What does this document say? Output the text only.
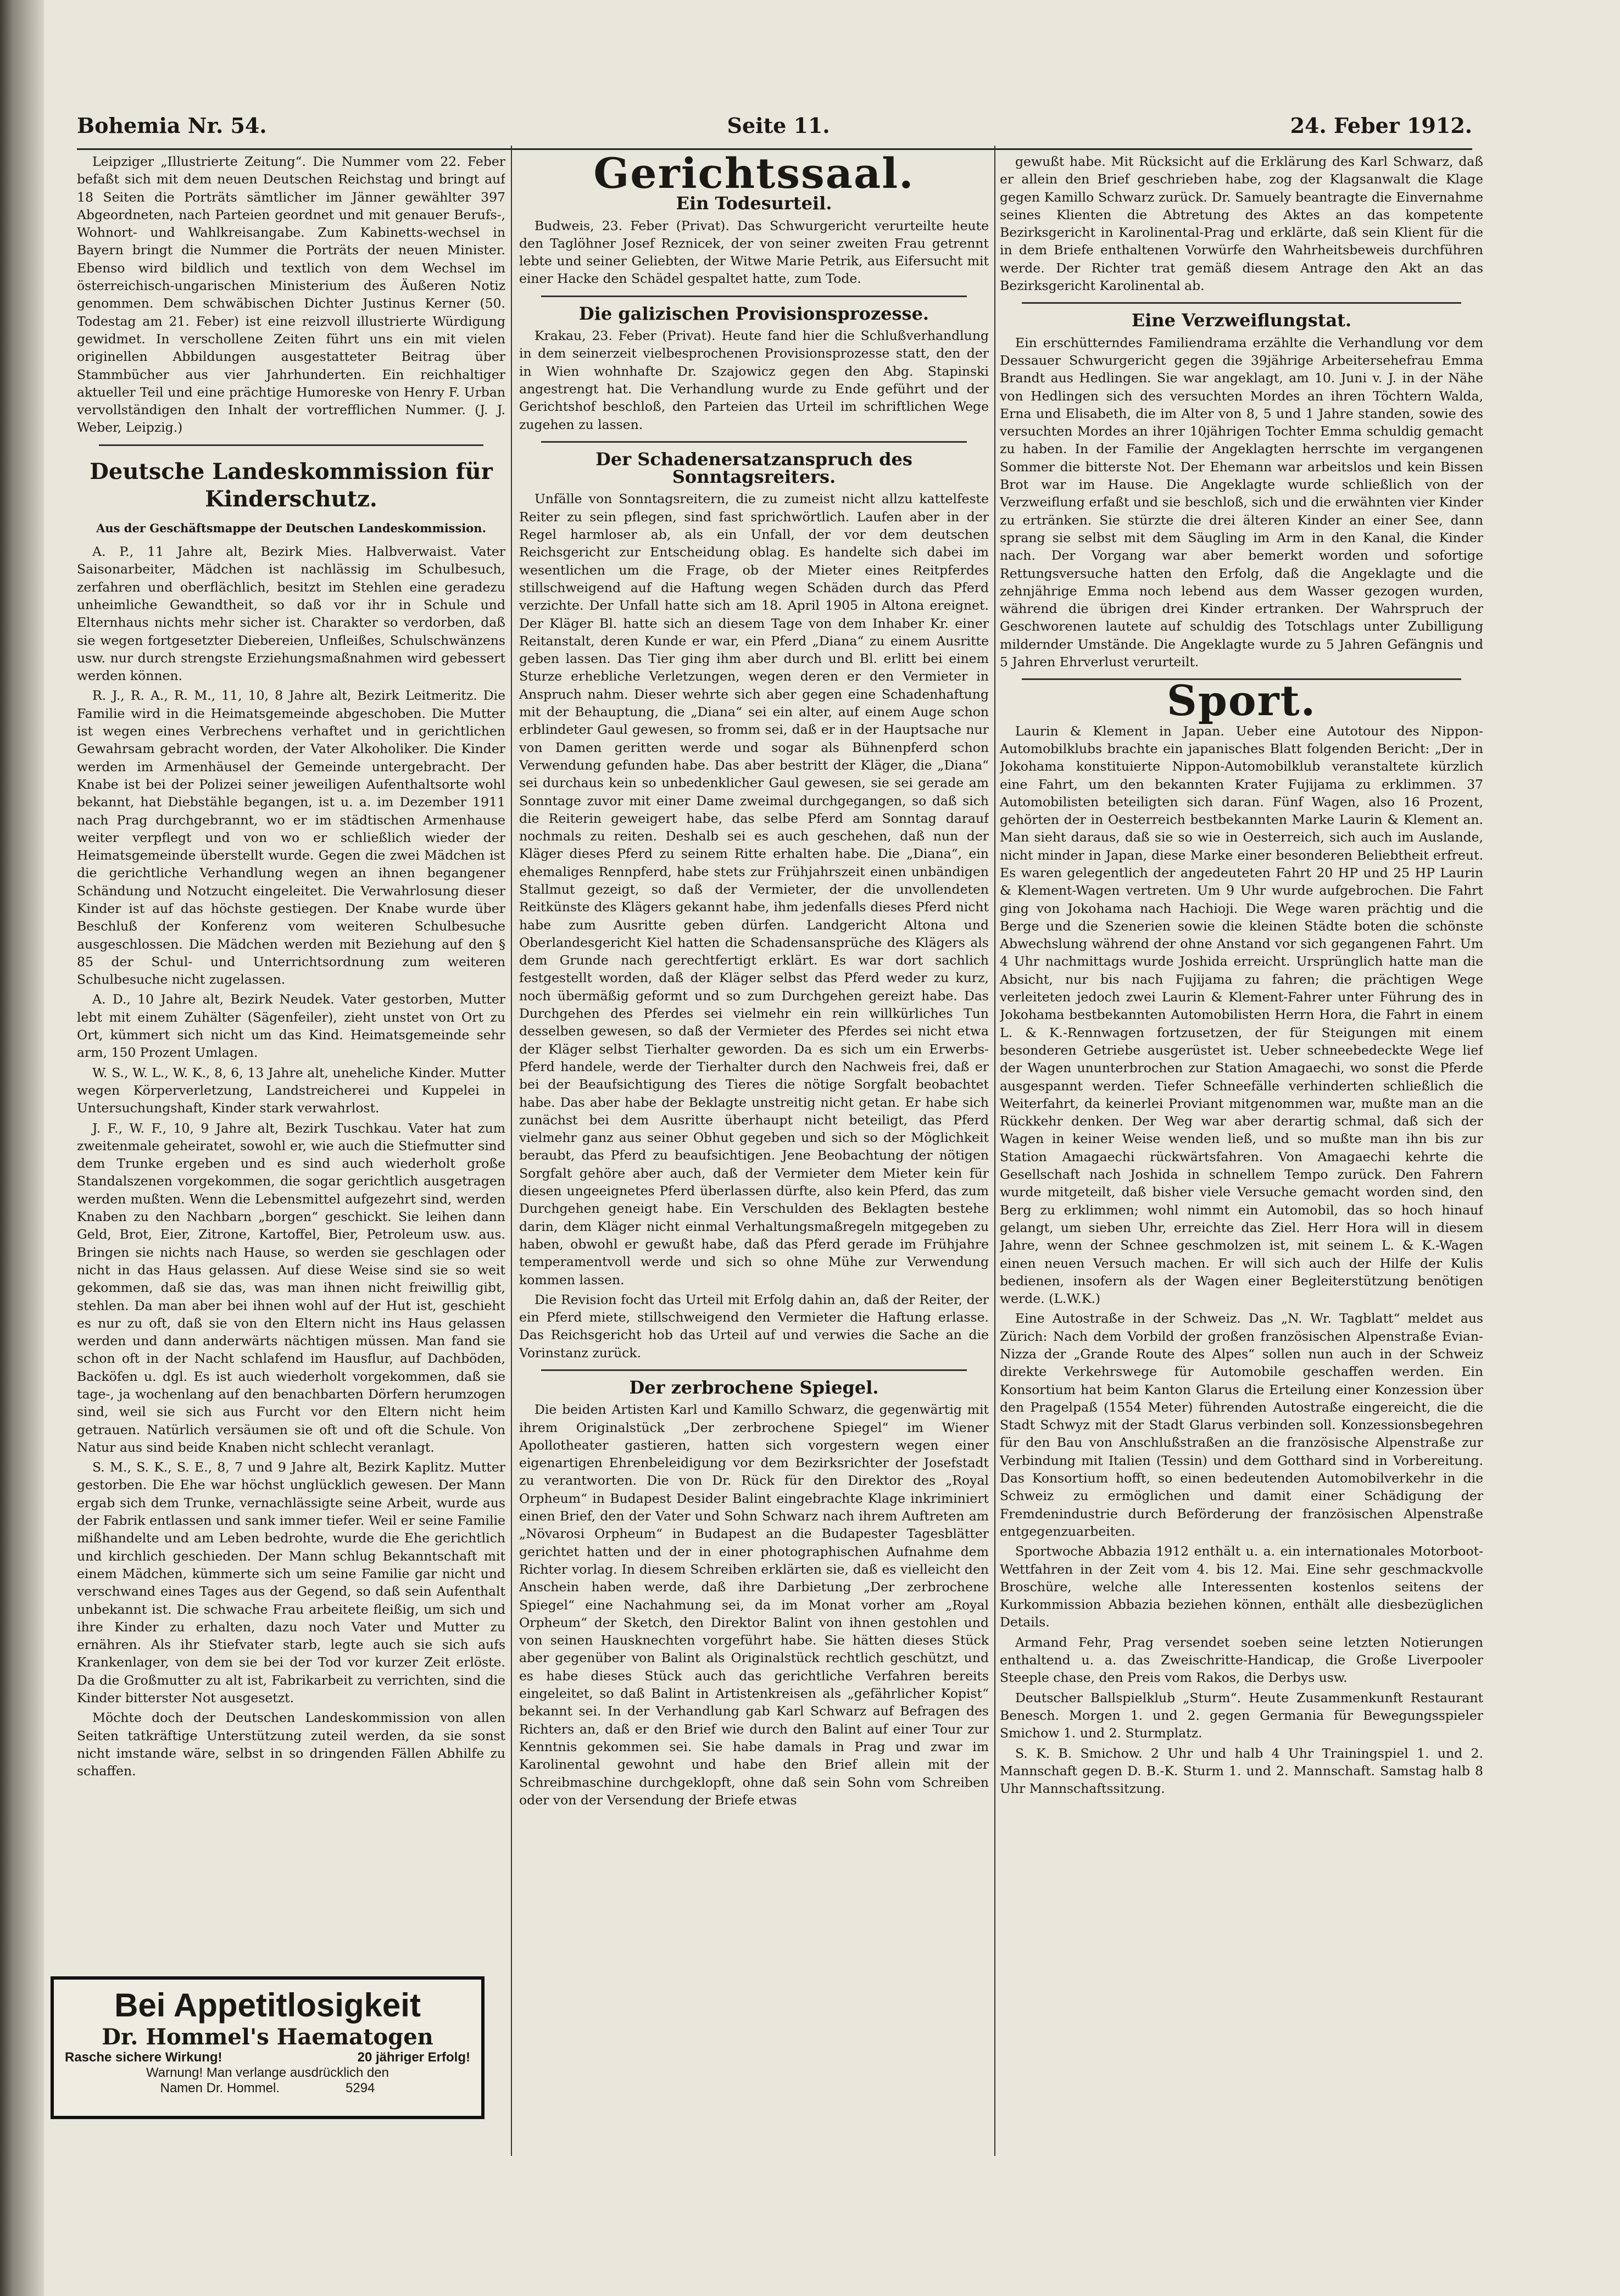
Bohemia Nr. 54.	Seite 11.	24. Feber 1912.

Leipziger „Illustrierte Zeitung“. Die Nummer vom 22. Feber befaßt sich mit dem neuen Deutschen Reichstag und bringt auf 18 Seiten die Porträts sämtlicher im Jänner gewählter 397 Abgeordneten, nach Parteien geordnet und mit genauer Berufs-, Wohnort- und Wahlkreisangabe. Zum Kabinetts-wechsel in Bayern bringt die Nummer die Porträts der neuen Minister. Ebenso wird bildlich und textlich von dem Wechsel im österreichisch-ungarischen Ministerium des Äußeren Notiz genommen. Dem schwäbischen Dichter Justinus Kerner (50. Todestag am 21. Feber) ist eine reizvoll illustrierte Würdigung gewidmet. In verschollene Zeiten führt uns ein mit vielen originellen Abbildungen ausgestatteter Beitrag über Stammbücher aus vier Jahrhunderten. Ein reichhaltiger aktueller Teil und eine prächtige Humoreske von Henry F. Urban vervollständigen den Inhalt der vortrefflichen Nummer. (J. J. Weber, Leipzig.)

Deutsche Landeskommission für Kinderschutz.
Aus der Geschäftsmappe der Deutschen Landeskommission.

A. P., 11 Jahre alt, Bezirk Mies. Halbverwaist. Vater Saisonarbeiter, Mädchen ist nachlässig im Schulbesuch, zerfahren und oberflächlich, besitzt im Stehlen eine geradezu unheimliche Gewandtheit, so daß vor ihr in Schule und Elternhaus nichts mehr sicher ist. Charakter so verdorben, daß sie wegen fortgesetzter Diebereien, Unfleißes, Schulschwänzens usw. nur durch strengste Erziehungsmaßnahmen wird gebessert werden können.

R. J., R. A., R. M., 11, 10, 8 Jahre alt, Bezirk Leitmeritz. Die Familie wird in die Heimatsgemeinde abgeschoben. Die Mutter ist wegen eines Verbrechens verhaftet und in gerichtlichen Gewahrsam gebracht worden, der Vater Alkoholiker. Die Kinder werden im Armenhäusel der Gemeinde untergebracht. Der Knabe ist bei der Polizei seiner jeweiligen Aufenthaltsorte wohl bekannt, hat Diebstähle begangen, ist u. a. im Dezember 1911 nach Prag durchgebrannt, wo er im städtischen Armenhause weiter verpflegt und von wo er schließlich wieder der Heimatsgemeinde überstellt wurde. Gegen die zwei Mädchen ist die gerichtliche Verhandlung wegen an ihnen begangener Schändung und Notzucht eingeleitet. Die Verwahrlosung dieser Kinder ist auf das höchste gestiegen. Der Knabe wurde über Beschluß der Konferenz vom weiteren Schulbesuche ausgeschlossen. Die Mädchen werden mit Beziehung auf den § 85 der Schul- und Unterrichtsordnung zum weiteren Schulbesuche nicht zugelassen.

A. D., 10 Jahre alt, Bezirk Neudek. Vater gestorben, Mutter lebt mit einem Zuhälter (Sägenfeiler), zieht unstet von Ort zu Ort, kümmert sich nicht um das Kind. Heimatsgemeinde sehr arm, 150 Prozent Umlagen.

W. S., W. L., W. K., 8, 6, 13 Jahre alt, uneheliche Kinder. Mutter wegen Körperverletzung, Landstreicherei und Kuppelei in Untersuchungshaft, Kinder stark verwahrlost.

J. F., W. F., 10, 9 Jahre alt, Bezirk Tuschkau. Vater hat zum zweitenmale geheiratet, sowohl er, wie auch die Stiefmutter sind dem Trunke ergeben und es sind auch wiederholt große Standalszenen vorgekommen, die sogar gerichtlich ausgetragen werden mußten. Wenn die Lebensmittel aufgezehrt sind, werden Knaben zu den Nachbarn „borgen“ geschickt. Sie leihen dann Geld, Brot, Eier, Zitrone, Kartoffel, Bier, Petroleum usw. aus. Bringen sie nichts nach Hause, so werden sie geschlagen oder nicht in das Haus gelassen. Auf diese Weise sind sie so weit gekommen, daß sie das, was man ihnen nicht freiwillig gibt, stehlen. Da man aber bei ihnen wohl auf der Hut ist, geschieht es nur zu oft, daß sie von den Eltern nicht ins Haus gelassen werden und dann anderwärts nächtigen müssen. Man fand sie schon oft in der Nacht schlafend im Hausflur, auf Dachböden, Backöfen u. dgl. Es ist auch wiederholt vorgekommen, daß sie tage-, ja wochenlang auf den benachbarten Dörfern herumzogen sind, weil sie sich aus Furcht vor den Eltern nicht heim getrauen. Natürlich versäumen sie oft und oft die Schule. Von Natur aus sind beide Knaben nicht schlecht veranlagt.

S. M., S. K., S. E., 8, 7 und 9 Jahre alt, Bezirk Kaplitz. Mutter gestorben. Die Ehe war höchst unglücklich gewesen. Der Mann ergab sich dem Trunke, vernachlässigte seine Arbeit, wurde aus der Fabrik entlassen und sank immer tiefer. Weil er seine Familie mißhandelte und am Leben bedrohte, wurde die Ehe gerichtlich und kirchlich geschieden. Der Mann schlug Bekanntschaft mit einem Mädchen, kümmerte sich um seine Familie gar nicht und verschwand eines Tages aus der Gegend, so daß sein Aufenthalt unbekannt ist. Die schwache Frau arbeitete fleißig, um sich und ihre Kinder zu erhalten, dazu noch Vater und Mutter zu ernähren. Als ihr Stiefvater starb, legte auch sie sich aufs Krankenlager, von dem sie bei der Tod vor kurzer Zeit erlöste. Da die Großmutter zu alt ist, Fabrikarbeit zu verrichten, sind die Kinder bitterster Not ausgesetzt.

Möchte doch der Deutschen Landeskommission von allen Seiten tatkräftige Unterstützung zuteil werden, da sie sonst nicht imstande wäre, selbst in so dringenden Fällen Abhilfe zu schaffen.

Bei Appetitlosigkeit
Dr. Hommel's Haematogen
Rasche sichere Wirkung!	20 jähriger Erfolg!
Warnung! Man verlange ausdrücklich den
Namen Dr. Hommel.	5294
Gerichtssaal.
Ein Todesurteil.

Budweis, 23. Feber (Privat). Das Schwurgericht verurteilte heute den Taglöhner Josef Reznicek, der von seiner zweiten Frau getrennt lebte und seiner Geliebten, der Witwe Marie Petrik, aus Eifersucht mit einer Hacke den Schädel gespaltet hatte, zum Tode.

Die galizischen Provisionsprozesse.

Krakau, 23. Feber (Privat). Heute fand hier die Schlußverhandlung in dem seinerzeit vielbesprochenen Provisionsprozesse statt, den der in Wien wohnhafte Dr. Szajowicz gegen den Abg. Stapinski angestrengt hat. Die Verhandlung wurde zu Ende geführt und der Gerichtshof beschloß, den Parteien das Urteil im schriftlichen Wege zugehen zu lassen.

Der Schadenersatzanspruch des Sonntagsreiters.

Unfälle von Sonntagsreitern, die zu zumeist nicht allzu kattelfeste Reiter zu sein pflegen, sind fast sprichwörtlich. Laufen aber in der Regel harmloser ab, als ein Unfall, der vor dem deutschen Reichsgericht zur Entscheidung oblag. Es handelte sich dabei im wesentlichen um die Frage, ob der Mieter eines Reitpferdes stillschweigend auf die Haftung wegen Schäden durch das Pferd verzichte. Der Unfall hatte sich am 18. April 1905 in Altona ereignet. Der Kläger Bl. hatte sich an diesem Tage von dem Inhaber Kr. einer Reitanstalt, deren Kunde er war, ein Pferd „Diana“ zu einem Ausritte geben lassen. Das Tier ging ihm aber durch und Bl. erlitt bei einem Sturze erhebliche Verletzungen, wegen deren er den Vermieter in Anspruch nahm. Dieser wehrte sich aber gegen eine Schadenhaftung mit der Behauptung, die „Diana“ sei ein alter, auf einem Auge schon erblindeter Gaul gewesen, so fromm sei, daß er in der Hauptsache nur von Damen geritten werde und sogar als Bühnenpferd schon Verwendung gefunden habe. Das aber bestritt der Kläger, die „Diana“ sei durchaus kein so unbedenklicher Gaul gewesen, sie sei gerade am Sonntage zuvor mit einer Dame zweimal durchgegangen, so daß sich die Reiterin geweigert habe, das selbe Pferd am Sonntag darauf nochmals zu reiten. Deshalb sei es auch geschehen, daß nun der Kläger dieses Pferd zu seinem Ritte erhalten habe. Die „Diana“, ein ehemaliges Rennpferd, habe stets zur Frühjahrszeit einen unbändigen Stallmut gezeigt, so daß der Vermieter, der die unvollendeten Reitkünste des Klägers gekannt habe, ihm jedenfalls dieses Pferd nicht habe zum Ausritte geben dürfen. Landgericht Altona und Oberlandesgericht Kiel hatten die Schadensansprüche des Klägers als dem Grunde nach gerechtfertigt erklärt. Es war dort sachlich festgestellt worden, daß der Kläger selbst das Pferd weder zu kurz, noch übermäßig geformt und so zum Durchgehen gereizt habe. Das Durchgehen des Pferdes sei vielmehr ein rein willkürliches Tun desselben gewesen, so daß der Vermieter des Pferdes sei nicht etwa der Kläger selbst Tierhalter geworden. Da es sich um ein Erwerbs-Pferd handele, werde der Tierhalter durch den Nachweis frei, daß er bei der Beaufsichtigung des Tieres die nötige Sorgfalt beobachtet habe. Das aber habe der Beklagte unstreitig nicht getan. Er habe sich zunächst bei dem Ausritte überhaupt nicht beteiligt, das Pferd vielmehr ganz aus seiner Obhut gegeben und sich so der Möglichkeit beraubt, das Pferd zu beaufsichtigen. Jene Beobachtung der nötigen Sorgfalt gehöre aber auch, daß der Vermieter dem Mieter kein für diesen ungeeignetes Pferd überlassen dürfte, also kein Pferd, das zum Durchgehen geneigt habe. Ein Verschulden des Beklagten bestehe darin, dem Kläger nicht einmal Verhaltungsmaßregeln mitgegeben zu haben, obwohl er gewußt habe, daß das Pferd gerade im Frühjahre temperamentvoll werde und sich so ohne Mühe zur Verwendung kommen lassen.

Die Revision focht das Urteil mit Erfolg dahin an, daß der Reiter, der ein Pferd miete, stillschweigend den Vermieter die Haftung erlasse. Das Reichsgericht hob das Urteil auf und verwies die Sache an die Vorinstanz zurück.

Der zerbrochene Spiegel.

Die beiden Artisten Karl und Kamillo Schwarz, die gegenwärtig mit ihrem Originalstück „Der zerbrochene Spiegel“ im Wiener Apollotheater gastieren, hatten sich vorgestern wegen einer eigenartigen Ehrenbeleidigung vor dem Bezirksrichter der Josefstadt zu verantworten. Die von Dr. Rück für den Direktor des „Royal Orpheum“ in Budapest Desider Balint eingebrachte Klage inkriminiert einen Brief, den der Vater und Sohn Schwarz nach ihrem Auftreten am „Növarosi Orpheum“ in Budapest an die Budapester Tagesblätter gerichtet hatten und der in einer photographischen Aufnahme dem Richter vorlag. In diesem Schreiben erklärten sie, daß es vielleicht den Anschein haben werde, daß ihre Darbietung „Der zerbrochene Spiegel“ eine Nachahmung sei, da im Monat vorher am „Royal Orpheum“ der Sketch, den Direktor Balint von ihnen gestohlen und von seinen Hausknechten vorgeführt habe. Sie hätten dieses Stück aber gegenüber von Balint als Originalstück rechtlich geschützt, und es habe dieses Stück auch das gerichtliche Verfahren bereits eingeleitet, so daß Balint in Artistenkreisen als „gefährlicher Kopist“ bekannt sei. In der Verhandlung gab Karl Schwarz auf Befragen des Richters an, daß er den Brief wie durch den Balint auf einer Tour zur Kenntnis gekommen sei. Sie habe damals in Prag und zwar im Karolinental gewohnt und habe den Brief allein mit der Schreibmaschine durchgeklopft, ohne daß sein Sohn vom Schreiben oder von der Versendung der Briefe etwas

gewußt habe. Mit Rücksicht auf die Erklärung des Karl Schwarz, daß er allein den Brief geschrieben habe, zog der Klagsanwalt die Klage gegen Kamillo Schwarz zurück. Dr. Samuely beantragte die Einvernahme seines Klienten die Abtretung des Aktes an das kompetente Bezirksgericht in Karolinental-Prag und erklärte, daß sein Klient für die in dem Briefe enthaltenen Vorwürfe den Wahrheitsbeweis durchführen werde. Der Richter trat gemäß diesem Antrage den Akt an das Bezirksgericht Karolinental ab.

Eine Verzweiflungstat.

Ein erschütterndes Familiendrama erzählte die Verhandlung vor dem Dessauer Schwurgericht gegen die 39jährige Arbeitersehefrau Emma Brandt aus Hedlingen. Sie war angeklagt, am 10. Juni v. J. in der Nähe von Hedlingen sich des versuchten Mordes an ihren Töchtern Walda, Erna und Elisabeth, die im Alter von 8, 5 und 1 Jahre standen, sowie des versuchten Mordes an ihrer 10jährigen Tochter Emma schuldig gemacht zu haben. In der Familie der Angeklagten herrschte im vergangenen Sommer die bitterste Not. Der Ehemann war arbeitslos und kein Bissen Brot war im Hause. Die Angeklagte wurde schließlich von der Verzweiflung erfaßt und sie beschloß, sich und die erwähnten vier Kinder zu ertränken. Sie stürzte die drei älteren Kinder an einer See, dann sprang sie selbst mit dem Säugling im Arm in den Kanal, die Kinder nach. Der Vorgang war aber bemerkt worden und sofortige Rettungsversuche hatten den Erfolg, daß die Angeklagte und die zehnjährige Emma noch lebend aus dem Wasser gezogen wurden, während die übrigen drei Kinder ertranken. Der Wahrspruch der Geschworenen lautete auf schuldig des Totschlags unter Zubilligung mildernder Umstände. Die Angeklagte wurde zu 5 Jahren Gefängnis und 5 Jahren Ehrverlust verurteilt.

Sport.

Laurin & Klement in Japan. Ueber eine Autotour des Nippon-Automobilklubs brachte ein japanisches Blatt folgenden Bericht: „Der in Jokohama konstituierte Nippon-Automobilklub veranstaltete kürzlich eine Fahrt, um den bekannten Krater Fujijama zu erklimmen. 37 Automobilisten beteiligten sich daran. Fünf Wagen, also 16 Prozent, gehörten der in Oesterreich bestbekannten Marke Laurin & Klement an. Man sieht daraus, daß sie so wie in Oesterreich, sich auch im Auslande, nicht minder in Japan, diese Marke einer besonderen Beliebtheit erfreut. Es waren gelegentlich der angedeuteten Fahrt 20 HP und 25 HP Laurin & Klement-Wagen vertreten. Um 9 Uhr wurde aufgebrochen. Die Fahrt ging von Jokohama nach Hachioji. Die Wege waren prächtig und die Berge und die Szenerien sowie die kleinen Städte boten die schönste Abwechslung während der ohne Anstand vor sich gegangenen Fahrt. Um 4 Uhr nachmittags wurde Joshida erreicht. Ursprünglich hatte man die Absicht, nur bis nach Fujijama zu fahren; die prächtigen Wege verleiteten jedoch zwei Laurin & Klement-Fahrer unter Führung des in Jokohama bestbekannten Automobilisten Herrn Hora, die Fahrt in einem L. & K.-Rennwagen fortzusetzen, der für Steigungen mit einem besonderen Getriebe ausgerüstet ist. Ueber schneebedeckte Wege lief der Wagen ununterbrochen zur Station Amagaechi, wo sonst die Pferde ausgespannt werden. Tiefer Schneefälle verhinderten schließlich die Weiterfahrt, da keinerlei Proviant mitgenommen war, mußte man an die Rückkehr denken. Der Weg war aber derartig schmal, daß sich der Wagen in keiner Weise wenden ließ, und so mußte man ihn bis zur Station Amagaechi rückwärtsfahren. Von Amagaechi kehrte die Gesellschaft nach Joshida in schnellem Tempo zurück. Den Fahrern wurde mitgeteilt, daß bisher viele Versuche gemacht worden sind, den Berg zu erklimmen; wohl nimmt ein Automobil, das so hoch hinauf gelangt, um sieben Uhr, erreichte das Ziel. Herr Hora will in diesem Jahre, wenn der Schnee geschmolzen ist, mit seinem L. & K.-Wagen einen neuen Versuch machen. Er will sich auch der Hilfe der Kulis bedienen, insofern als der Wagen einer Begleiterstützung benötigen werde. (L.W.K.)

Eine Autostraße in der Schweiz. Das „N. Wr. Tagblatt“ meldet aus Zürich: Nach dem Vorbild der großen französischen Alpenstraße Evian-Nizza der „Grande Route des Alpes“ sollen nun auch in der Schweiz direkte Verkehrswege für Automobile geschaffen werden. Ein Konsortium hat beim Kanton Glarus die Erteilung einer Konzession über den Pragelpaß (1554 Meter) führenden Autostraße eingereicht, die die Stadt Schwyz mit der Stadt Glarus verbinden soll. Konzessionsbegehren für den Bau von Anschlußstraßen an die französische Alpenstraße zur Verbindung mit Italien (Tessin) und dem Gotthard sind in Vorbereitung. Das Konsortium hofft, so einen bedeutenden Automobilverkehr in die Schweiz zu ermöglichen und damit einer Schädigung der Fremdenindustrie durch Beförderung der französischen Alpenstraße entgegenzuarbeiten.

Sportwoche Abbazia 1912 enthält u. a. ein internationales Motorboot-Wettfahren in der Zeit vom 4. bis 12. Mai. Eine sehr geschmackvolle Broschüre, welche alle Interessenten kostenlos seitens der Kurkommission Abbazia beziehen können, enthält alle diesbezüglichen Details.

Armand Fehr, Prag versendet soeben seine letzten Notierungen enthaltend u. a. das Zweischritte-Handicap, die Große Liverpooler Steeple chase, den Preis vom Rakos, die Derbys usw.

Deutscher Ballspielklub „Sturm“. Heute Zusammenkunft Restaurant Benesch. Morgen 1. und 2. gegen Germania für Bewegungsspieler Smichow 1. und 2. Sturmplatz.

S. K. B. Smichow. 2 Uhr und halb 4 Uhr Trainingspiel 1. und 2. Mannschaft gegen D. B.-K. Sturm 1. und 2. Mannschaft. Samstag halb 8 Uhr Mannschaftssitzung.
